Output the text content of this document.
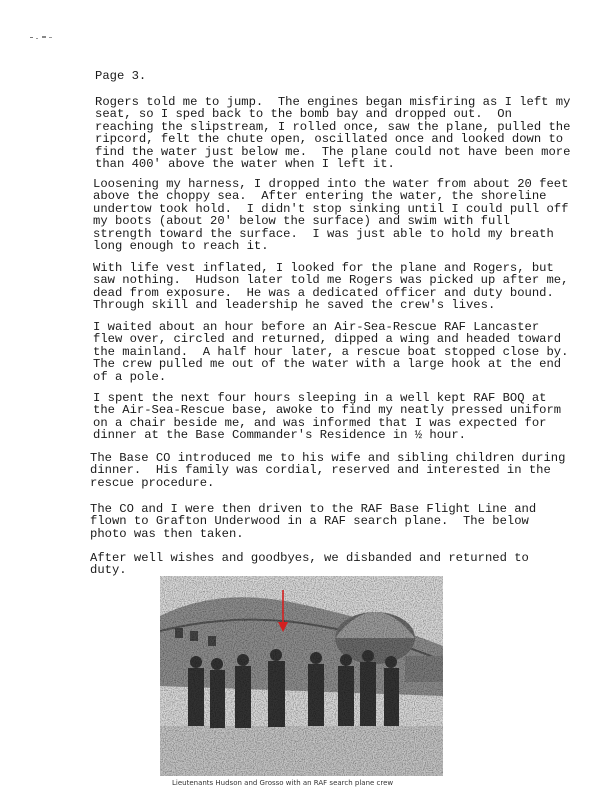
Page 3.

Rogers told me to jump.  The engines began misfiring as I left my
seat, so I sped back to the bomb bay and dropped out.  On
reaching the slipstream, I rolled once, saw the plane, pulled the
ripcord, felt the chute open, oscillated once and looked down to
find the water just below me.  The plane could not have been more
than 400' above the water when I left it.

Loosening my harness, I dropped into the water from about 20 feet
above the choppy sea.  After entering the water, the shoreline
undertow took hold.  I didn't stop sinking until I could pull off
my boots (about 20' below the surface) and swim with full
strength toward the surface.  I was just able to hold my breath
long enough to reach it.

With life vest inflated, I looked for the plane and Rogers, but
saw nothing.  Hudson later told me Rogers was picked up after me,
dead from exposure.  He was a dedicated officer and duty bound.
Through skill and leadership he saved the crew's lives.

I waited about an hour before an Air-Sea-Rescue RAF Lancaster
flew over, circled and returned, dipped a wing and headed toward
the mainland.  A half hour later, a rescue boat stopped close by.
The crew pulled me out of the water with a large hook at the end
of a pole.

I spent the next four hours sleeping in a well kept RAF BOQ at
the Air-Sea-Rescue base, awoke to find my neatly pressed uniform
on a chair beside me, and was informed that I was expected for
dinner at the Base Commander's Residence in ½ hour.

The Base CO introduced me to his wife and sibling children during
dinner.  His family was cordial, reserved and interested in the
rescue procedure.

The CO and I were then driven to the RAF Base Flight Line and
flown to Grafton Underwood in a RAF search plane.  The below
photo was then taken.

After well wishes and goodbyes, we disbanded and returned to
duty.

Lieutenants Hudson and Grosso with an RAF search plane crew
